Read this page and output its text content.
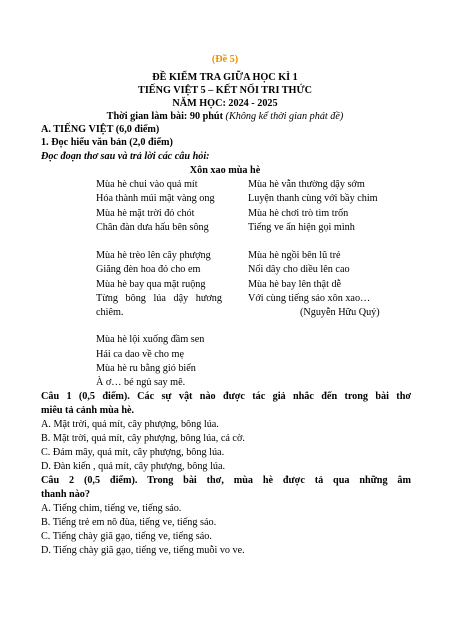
(Đề 5)
ĐỀ KIỂM TRA GIỮA HỌC KÌ 1
TIẾNG VIỆT 5 – KẾT NỐI TRI THỨC
NĂM HỌC: 2024 - 2025
Thời gian làm bài: 90 phút (Không kể thời gian phát đề)
A. TIẾNG VIỆT (6,0 điểm)
1. Đọc hiểu văn bản (2,0 điểm)
Đọc đoạn thơ sau và trả lời các câu hỏi:
Xôn xao mùa hè
Mùa hè chui vào quả mít
Hóa thành múi mật vàng ong
Mùa hè mặt trời đỏ chót
Chân đàn dưa hấu bên sông
Mùa hè vẫn thường dậy sớm
Luyện thanh cùng với bầy chim
Mùa hè chơi trò tìm trốn
Tiếng ve ẩn hiện gọi mình
Mùa hè trèo lên cây phượng
Giăng đèn hoa đỏ cho em
Mùa hè bay qua mặt ruộng
Từng bông lúa dậy hương
chiêm.
Mùa hè ngồi bên lũ trẻ
Nối dây cho diều lên cao
Mùa hè bay lên thật dễ
Với cùng tiếng sáo xôn xao…
(Nguyễn Hữu Quý)
Mùa hè lội xuống đầm sen
Hái ca dao về cho mẹ
Mùa hè ru bằng gió biển
À ơ… bé ngủ say mê.
Câu 1 (0,5 điểm). Các sự vật nào được tác giả nhắc đến trong bài thơ
miêu tả cảnh mùa hè.
A. Mặt trời, quả mít, cây phượng, bông lúa.
B. Mặt trời, quả mít, cây phượng, bông lúa, cá cờ.
C. Đám mây, quả mít, cây phượng, bông lúa.
D. Đàn kiến , quả mít, cây phượng, bông lúa.
Câu 2 (0,5 điểm). Trong bài thơ, mùa hè được tả qua những âm
thanh nào?
A. Tiếng chim, tiếng ve, tiếng sáo.
B. Tiếng trẻ em nô đùa, tiếng ve, tiếng sáo.
C. Tiếng chày giã gạo, tiếng ve, tiếng sáo.
D. Tiếng chày giã gạo, tiếng ve, tiếng muỗi vo ve.
